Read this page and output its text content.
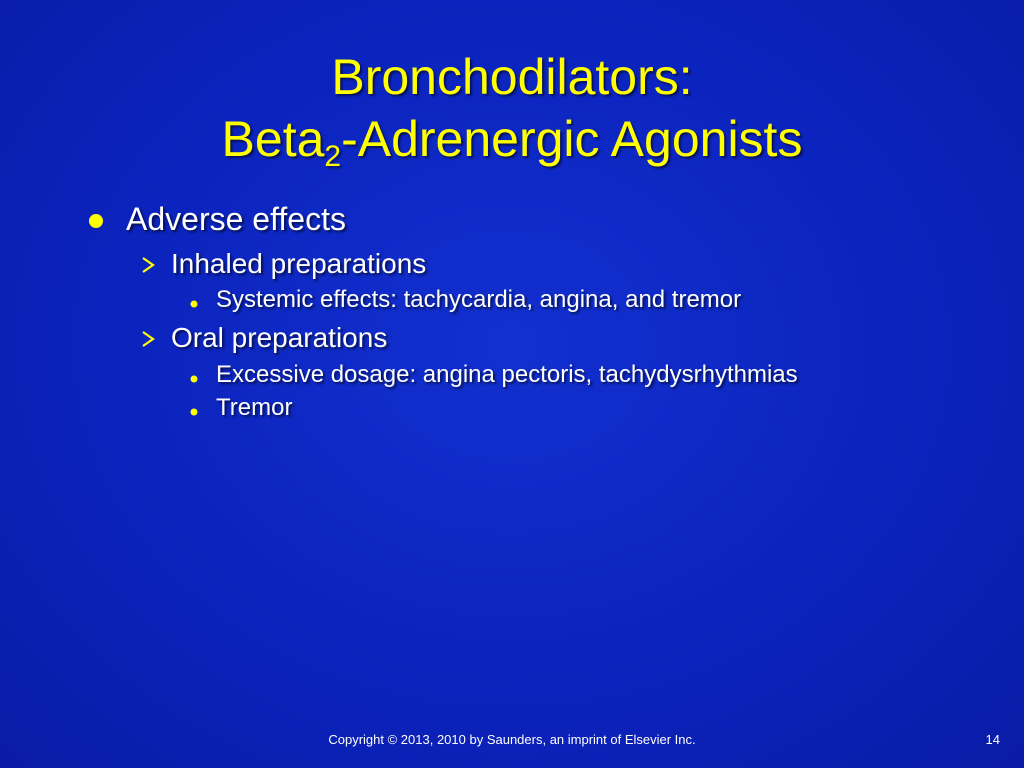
Bronchodilators:
Beta$_2$-Adrenergic Agonists
Adverse effects
Inhaled preparations
Systemic effects: tachycardia, angina, and tremor
Oral preparations
Excessive dosage: angina pectoris, tachydysrhythmias
Tremor
Copyright © 2013, 2010 by Saunders, an imprint of Elsevier Inc.	14
